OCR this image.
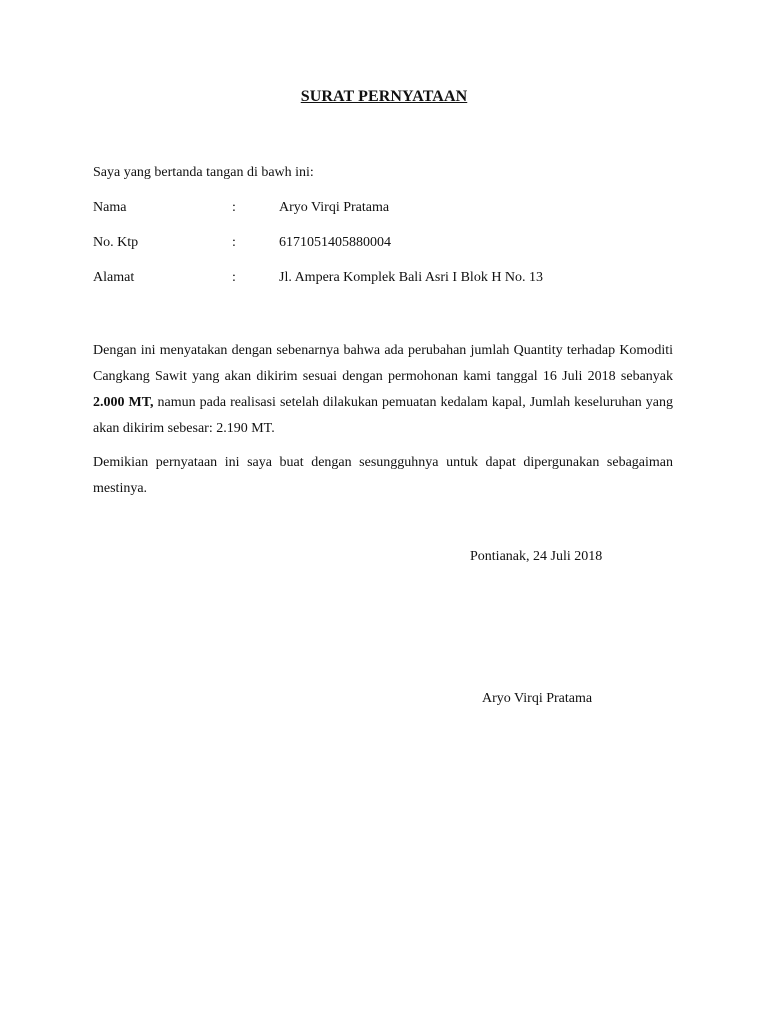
SURAT PERNYATAAN
Saya yang bertanda tangan di bawh ini:
Nama	:	Aryo Virqi Pratama
No. Ktp	:	6171051405880004
Alamat	:	Jl. Ampera Komplek Bali Asri I Blok H No. 13
Dengan ini menyatakan dengan sebenarnya bahwa ada perubahan jumlah Quantity terhadap Komoditi Cangkang Sawit yang akan dikirim sesuai dengan permohonan kami tanggal 16 Juli 2018 sebanyak 2.000 MT, namun pada realisasi setelah dilakukan pemuatan kedalam kapal, Jumlah keseluruhan yang akan dikirim sebesar: 2.190 MT.
Demikian pernyataan ini saya buat dengan sesungguhnya untuk dapat dipergunakan sebagaiman mestinya.
Pontianak, 24 Juli 2018
Aryo Virqi Pratama
